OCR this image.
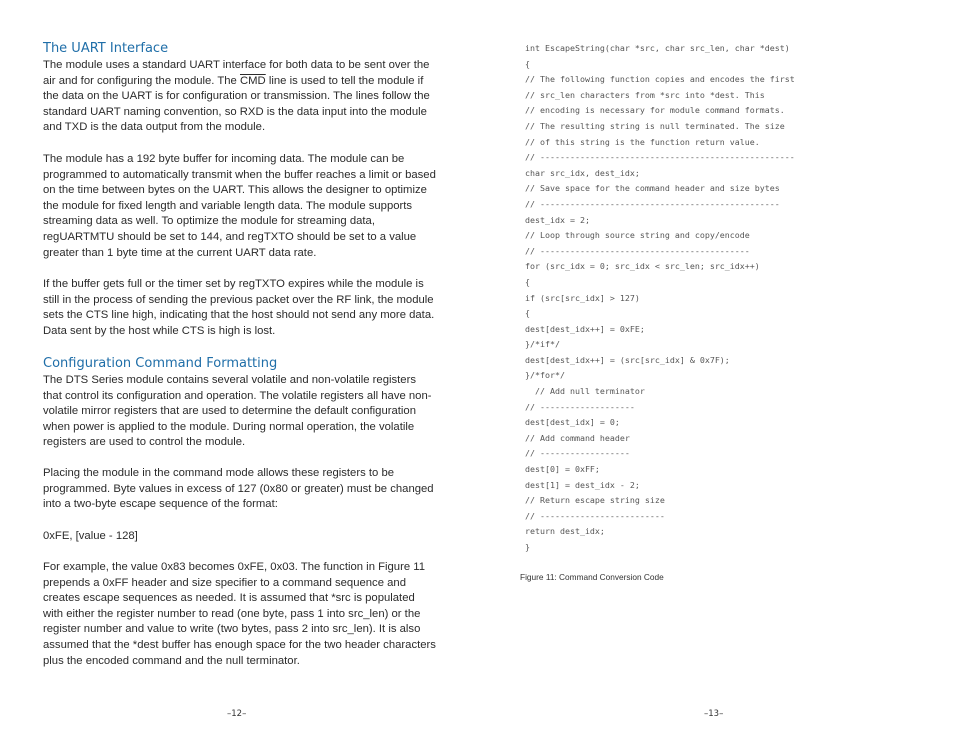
The UART Interface

The module uses a standard UART interface for both data to be sent over the air and for configuring the module. The $\overline{CMD}$ line is used to tell the module if the data on the UART is for configuration or transmission. The lines follow the standard UART naming convention, so RXD is the data input into the module and TXD is the data output from the module.

The module has a 192 byte buffer for incoming data. The module can be programmed to automatically transmit when the buffer reaches a limit or based on the time between bytes on the UART. This allows the designer to optimize the module for fixed length and variable length data. The module supports streaming data as well. To optimize the module for streaming data, regUARTMTU should be set to 144, and regTXTO should be set to a value greater than 1 byte time at the current UART data rate.

If the buffer gets full or the timer set by regTXTO expires while the module is still in the process of sending the previous packet over the RF link, the module sets the CTS line high, indicating that the host should not send any more data. Data sent by the host while CTS is high is lost.

Configuration Command Formatting

The DTS Series module contains several volatile and non-volatile registers that control its configuration and operation. The volatile registers all have non-volatile mirror registers that are used to determine the default configuration when power is applied to the module. During normal operation, the volatile registers are used to control the module.

Placing the module in the command mode allows these registers to be programmed. Byte values in excess of 127 (0x80 or greater) must be changed into a two-byte escape sequence of the format:

0xFE, [value - 128]

For example, the value 0x83 becomes 0xFE, 0x03. The function in Figure 11 prepends a 0xFF header and size specifier to a command sequence and creates escape sequences as needed. It is assumed that *src is populated with either the register number to read (one byte, pass 1 into src_len) or the register number and value to write (two bytes, pass 2 into src_len). It is also assumed that the *dest buffer has enough space for the two header characters plus the encoded command and the null terminator.

int EscapeString(char *src, char src_len, char *dest)
{
// The following function copies and encodes the first
// src_len characters from *src into *dest. This
// encoding is necessary for module command formats.
// The resulting string is null terminated. The size
// of this string is the function return value.
// ---------------------------------------------------
char src_idx, dest_idx;
// Save space for the command header and size bytes
// ------------------------------------------------
dest_idx = 2;
// Loop through source string and copy/encode
// ------------------------------------------
for (src_idx = 0; src_idx < src_len; src_idx++)
{
if (src[src_idx] > 127)
{
dest[dest_idx++] = 0xFE;
}/*if*/
dest[dest_idx++] = (src[src_idx] & 0x7F);
}/*for*/
// Add null terminator
// -------------------
dest[dest_idx] = 0;
// Add command header
// ------------------
dest[0] = 0xFF;
dest[1] = dest_idx - 2;
// Return escape string size
// -------------------------
return dest_idx;
}

Figure 11: Command Conversion Code

–12–	–13–
